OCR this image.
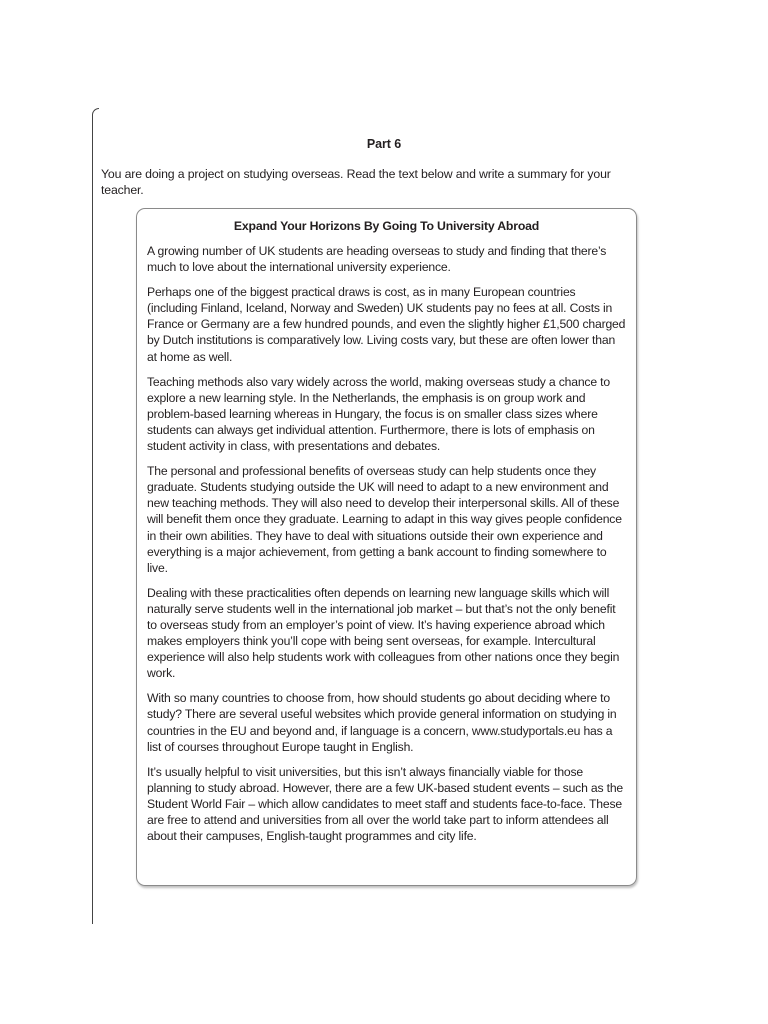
Part 6
You are doing a project on studying overseas. Read the text below and write a summary for your teacher.
Expand Your Horizons By Going To University Abroad

A growing number of UK students are heading overseas to study and finding that there’s much to love about the international university experience.

Perhaps one of the biggest practical draws is cost, as in many European countries (including Finland, Iceland, Norway and Sweden) UK students pay no fees at all. Costs in France or Germany are a few hundred pounds, and even the slightly higher £1,500 charged by Dutch institutions is comparatively low. Living costs vary, but these are often lower than at home as well.

Teaching methods also vary widely across the world, making overseas study a chance to explore a new learning style. In the Netherlands, the emphasis is on group work and problem-based learning whereas in Hungary, the focus is on smaller class sizes where students can always get individual attention. Furthermore, there is lots of emphasis on student activity in class, with presentations and debates.

The personal and professional benefits of overseas study can help students once they graduate. Students studying outside the UK will need to adapt to a new environment and new teaching methods. They will also need to develop their interpersonal skills. All of these will benefit them once they graduate. Learning to adapt in this way gives people confidence in their own abilities. They have to deal with situations outside their own experience and everything is a major achievement, from getting a bank account to finding somewhere to live.

Dealing with these practicalities often depends on learning new language skills which will naturally serve students well in the international job market – but that’s not the only benefit to overseas study from an employer’s point of view. It’s having experience abroad which makes employers think you’ll cope with being sent overseas, for example. Intercultural experience will also help students work with colleagues from other nations once they begin work.

With so many countries to choose from, how should students go about deciding where to study? There are several useful websites which provide general information on studying in countries in the EU and beyond and, if language is a concern, www.studyportals.eu has a list of courses throughout Europe taught in English.

It’s usually helpful to visit universities, but this isn’t always financially viable for those planning to study abroad. However, there are a few UK-based student events – such as the Student World Fair – which allow candidates to meet staff and students face-to-face. These are free to attend and universities from all over the world take part to inform attendees all about their campuses, English-taught programmes and city life.
